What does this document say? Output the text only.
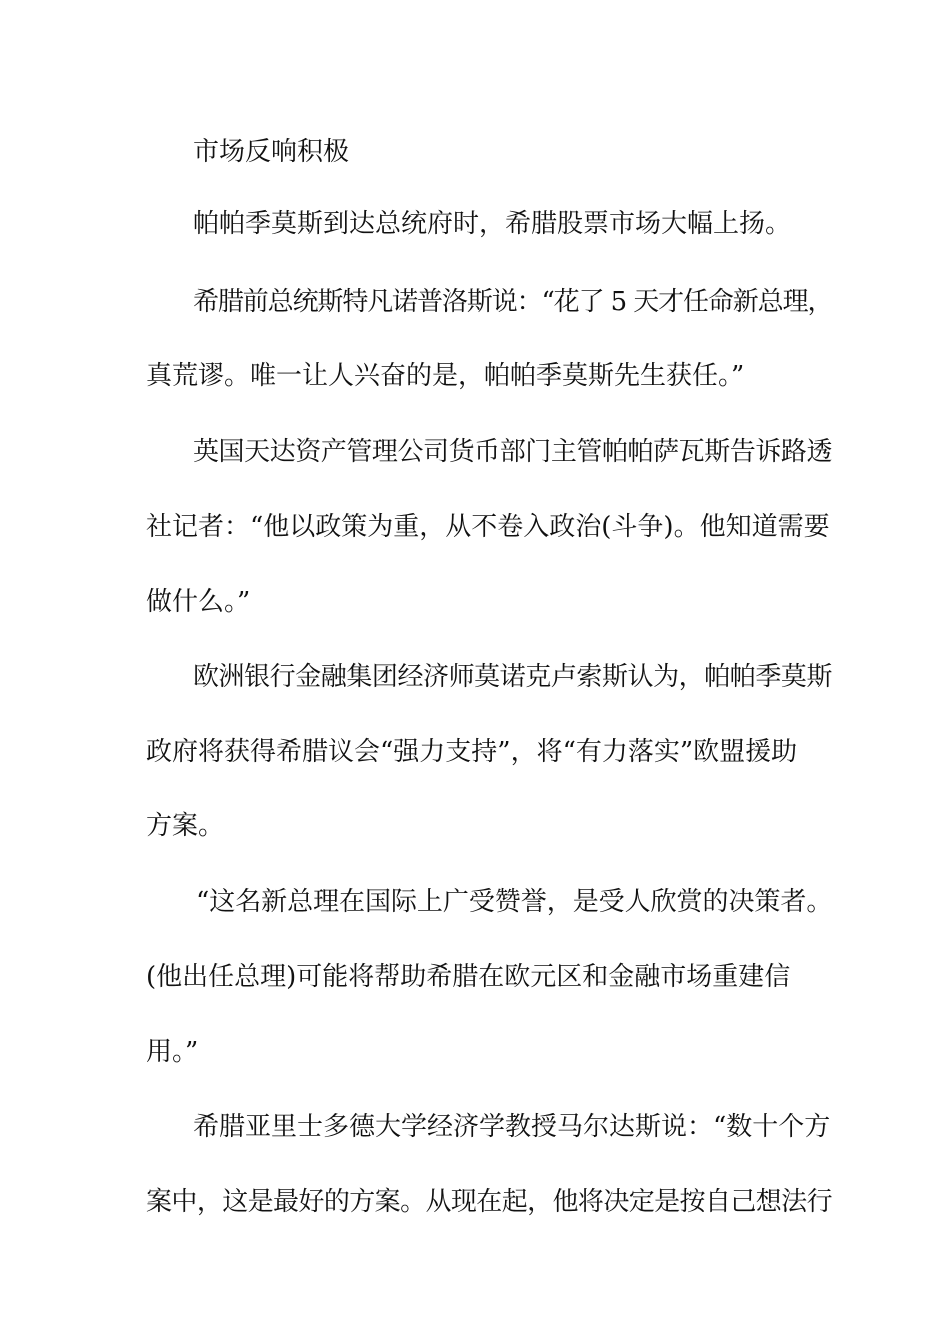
市场反响积极
帕帕季莫斯到达总统府时，希腊股票市场大幅上扬。
希腊前总统斯特凡诺普洛斯说：“花了 5 天才任命新总理，
真荒谬。唯一让人兴奋的是，帕帕季莫斯先生获任。”
英国天达资产管理公司货币部门主管帕帕萨瓦斯告诉路透
社记者：“他以政策为重，从不卷入政治(斗争)。他知道需要
做什么。”
欧洲银行金融集团经济师莫诺克卢索斯认为，帕帕季莫斯
政府将获得希腊议会“强力支持”，将“有力落实”欧盟援助
方案。
“这名新总理在国际上广受赞誉，是受人欣赏的决策者。
(他出任总理)可能将帮助希腊在欧元区和金融市场重建信
用。”
希腊亚里士多德大学经济学教授马尔达斯说：“数十个方
案中，这是最好的方案。从现在起，他将决定是按自己想法行
